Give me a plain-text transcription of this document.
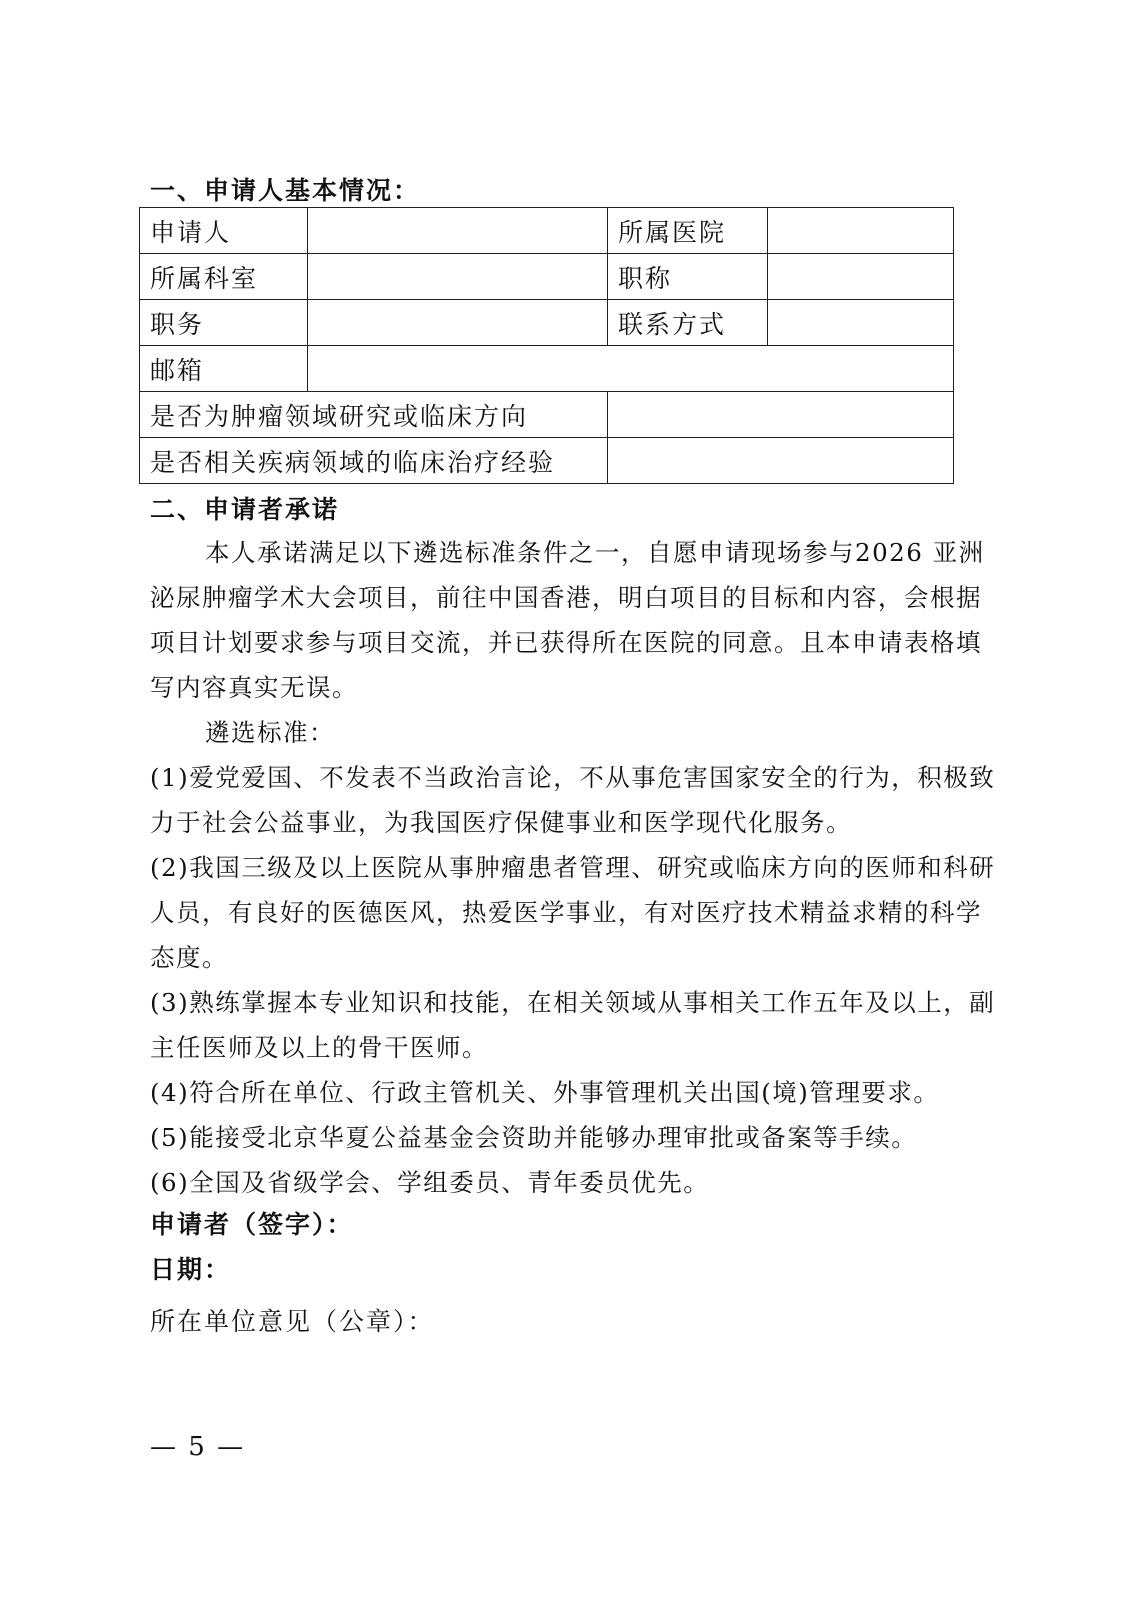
一、申请人基本情况：
申请人		所属医院	
所属科室		职称	
职务		联系方式	
邮箱			
是否为肿瘤领域研究或临床方向			
是否相关疾病领域的临床治疗经验			
二、申请者承诺

本人承诺满足以下遴选标准条件之一，自愿申请现场参与2026 亚洲泌尿肿瘤学术大会项目，前往中国香港，明白项目的目标和内容，会根据项目计划要求参与项目交流，并已获得所在医院的同意。且本申请表格填写内容真实无误。

遴选标准：

(1)爱党爱国、不发表不当政治言论，不从事危害国家安全的行为，积极致力于社会公益事业，为我国医疗保健事业和医学现代化服务。
(2)我国三级及以上医院从事肿瘤患者管理、研究或临床方向的医师和科研人员，有良好的医德医风，热爱医学事业，有对医疗技术精益求精的科学态度。
(3)熟练掌握本专业知识和技能，在相关领域从事相关工作五年及以上，副主任医师及以上的骨干医师。
(4)符合所在单位、行政主管机关、外事管理机关出国(境)管理要求。
(5)能接受北京华夏公益基金会资助并能够办理审批或备案等手续。
(6)全国及省级学会、学组委员、青年委员优先。
申请者（签字）：
日期：
所在单位意见（公章）：
— 5 —
